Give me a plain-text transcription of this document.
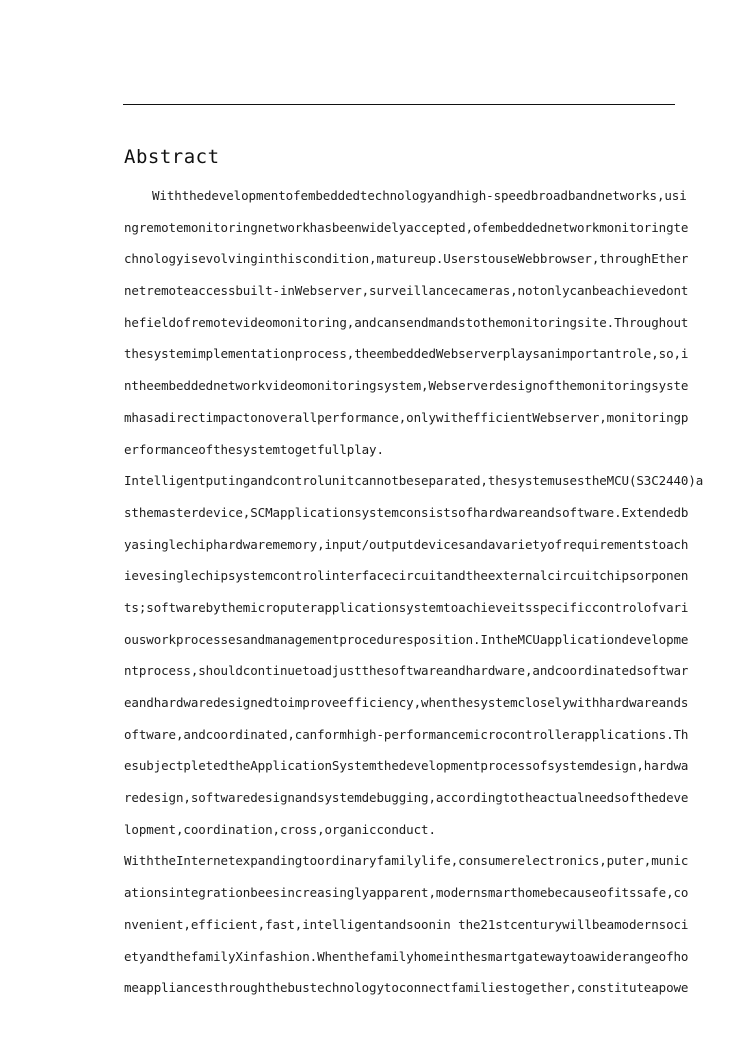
Abstract
Withthedevelopmentofembeddedtechnologyandhigh-speedbroadbandnetworks,usi
ngremotemonitoringnetworkhasbeenwidelyaccepted,ofembeddednetworkmonitoringte
chnologyisevolvinginthiscondition,matureup.UserstouseWebbrowser,throughEther
netremoteaccessbuilt-inWebserver,surveillancecameras,notonlycanbeachievedont
hefieldofremotevideomonitoring,andcansendmandstothemonitoringsite.Throughout
thesystemimplementationprocess,theembeddedWebserverplaysanimportantrole,so,i
ntheembeddednetworkvideomonitoringsystem,Webserverdesignofthemonitoringsyste
mhasadirectimpactonoverallperformance,onlywithefficientWebserver,monitoringp
erformanceofthesystemtogetfullplay.
Intelligentputingandcontrolunitcannotbeseparated,thesystemusestheMCU(S3C2440)a
sthemasterdevice,SCMapplicationsystemconsistsofhardwareandsoftware.Extendedb
yasinglechiphardwarememory,input/outputdevicesandavarietyofrequirementstoach
ievesinglechipsystemcontrolinterfacecircuitandtheexternalcircuitchipsorponen
ts;softwarebythemicroputerapplicationsystemtoachieveitsspecificcontrolofvari
ousworkprocessesandmanagementproceduresposition.IntheMCUapplicationdevelopme
ntprocess,shouldcontinuetoadjustthesoftwareandhardware,andcoordinatedsoftwar
eandhardwaredesignedtoimproveefficiency,whenthesystemcloselywithhardwareands
oftware,andcoordinated,canformhigh-performancemicrocontrollerapplications.Th
esubjectpletedtheApplicationSystemthedevelopmentprocessofsystemdesign,hardwa
redesign,softwaredesignandsystemdebugging,accordingtotheactualneedsofthedeve
lopment,coordination,cross,organicconduct.
WiththeInternetexpandingtoordinaryfamilylife,consumerelectronics,puter,munic
ationsintegrationbeesincreasinglyapparent,modernsmarthomebecauseofitssafe,co
nvenient,efficient,fast,intelligentandsoonin the21stcenturywillbeamodernsoci
etyandthefamilyXinfashion.Whenthefamilyhomeinthesmartgatewaytoawiderangeofho
meappliancesthroughthebustechnologytoconnectfamiliestogether,constituteapowe
